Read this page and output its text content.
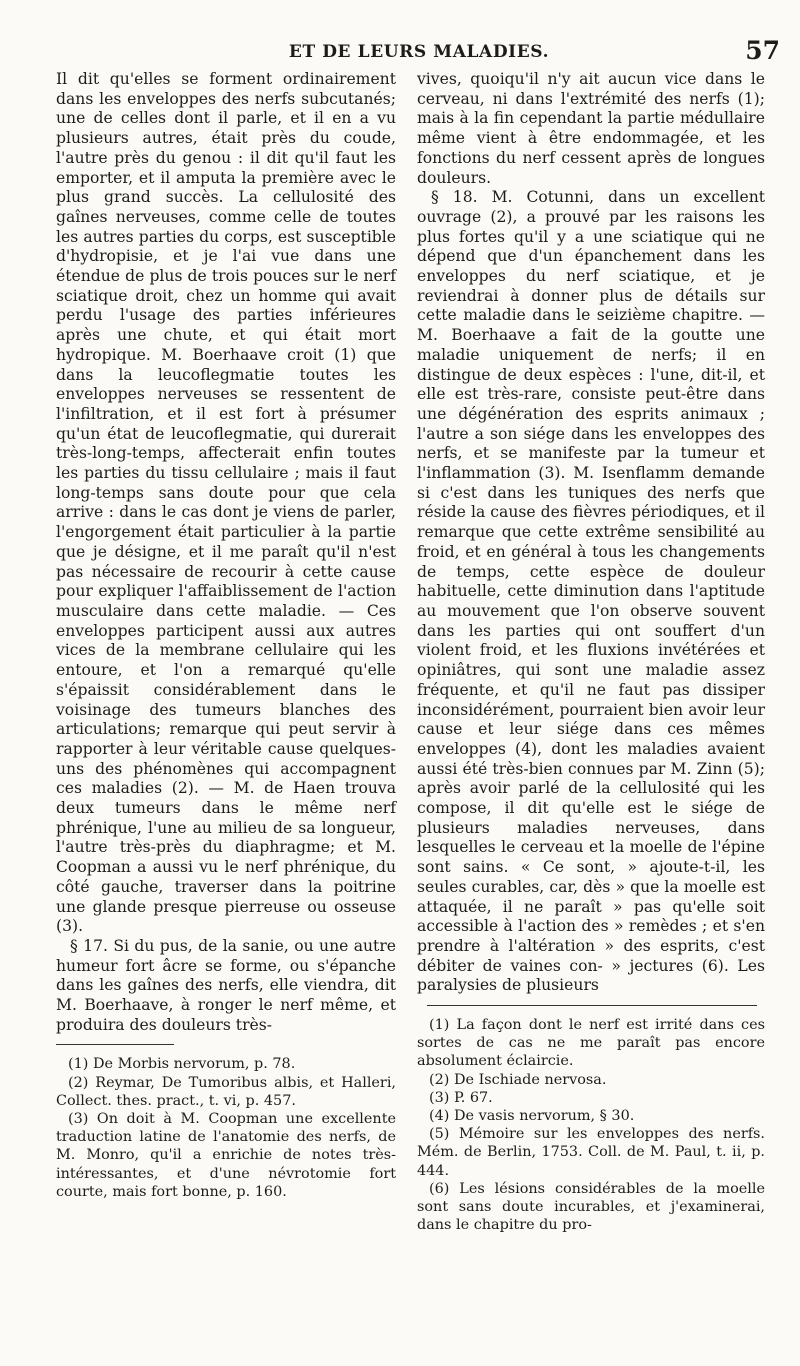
ET DE LEURS MALADIES.	57

Il dit qu'elles se forment ordinairement dans les enveloppes des nerfs subcutanés; une de celles dont il parle, et il en a vu plusieurs autres, était près du coude, l'autre près du genou : il dit qu'il faut les emporter, et il amputa la première avec le plus grand succès. La cellulosité des gaînes nerveuses, comme celle de toutes les autres parties du corps, est susceptible d'hydropisie, et je l'ai vue dans une étendue de plus de trois pouces sur le nerf sciatique droit, chez un homme qui avait perdu l'usage des parties inférieures après une chute, et qui était mort hydropique. M. Boerhaave croit (1) que dans la leucoflegmatie toutes les enveloppes nerveuses se ressentent de l'infiltration, et il est fort à présumer qu'un état de leucoflegmatie, qui durerait très-long-temps, affecterait enfin toutes les parties du tissu cellulaire ; mais il faut long-temps sans doute pour que cela arrive : dans le cas dont je viens de parler, l'engorgement était particulier à la partie que je désigne, et il me paraît qu'il n'est pas nécessaire de recourir à cette cause pour expliquer l'affaiblissement de l'action musculaire dans cette maladie. — Ces enveloppes participent aussi aux autres vices de la membrane cellulaire qui les entoure, et l'on a remarqué qu'elle s'épaissit considérablement dans le voisinage des tumeurs blanches des articulations; remarque qui peut servir à rapporter à leur véritable cause quelques-uns des phénomènes qui accompagnent ces maladies (2). — M. de Haen trouva deux tumeurs dans le même nerf phrénique, l'une au milieu de sa longueur, l'autre très-près du diaphragme; et M. Coopman a aussi vu le nerf phrénique, du côté gauche, traverser dans la poitrine une glande presque pierreuse ou osseuse (3).

§ 17. Si du pus, de la sanie, ou une autre humeur fort âcre se forme, ou s'épanche dans les gaînes des nerfs, elle viendra, dit M. Boerhaave, à ronger le nerf même, et produira des douleurs très-

(1) De Morbis nervorum, p. 78.

(2) Reymar, De Tumoribus albis, et Halleri, Collect. thes. pract., t. vi, p. 457.

(3) On doit à M. Coopman une excellente traduction latine de l'anatomie des nerfs, de M. Monro, qu'il a enrichie de notes très-intéressantes, et d'une névrotomie fort courte, mais fort bonne, p. 160.

vives, quoiqu'il n'y ait aucun vice dans le cerveau, ni dans l'extrémité des nerfs (1); mais à la fin cependant la partie médullaire même vient à être endommagée, et les fonctions du nerf cessent après de longues douleurs.

§ 18. M. Cotunni, dans un excellent ouvrage (2), a prouvé par les raisons les plus fortes qu'il y a une sciatique qui ne dépend que d'un épanchement dans les enveloppes du nerf sciatique, et je reviendrai à donner plus de détails sur cette maladie dans le seizième chapitre. — M. Boerhaave a fait de la goutte une maladie uniquement de nerfs; il en distingue de deux espèces : l'une, dit-il, et elle est très-rare, consiste peut-être dans une dégénération des esprits animaux ; l'autre a son siége dans les enveloppes des nerfs, et se manifeste par la tumeur et l'inflammation (3). M. Isenflamm demande si c'est dans les tuniques des nerfs que réside la cause des fièvres périodiques, et il remarque que cette extrême sensibilité au froid, et en général à tous les changements de temps, cette espèce de douleur habituelle, cette diminution dans l'aptitude au mouvement que l'on observe souvent dans les parties qui ont souffert d'un violent froid, et les fluxions invétérées et opiniâtres, qui sont une maladie assez fréquente, et qu'il ne faut pas dissiper inconsidérément, pourraient bien avoir leur cause et leur siége dans ces mêmes enveloppes (4), dont les maladies avaient aussi été très-bien connues par M. Zinn (5); après avoir parlé de la cellulosité qui les compose, il dit qu'elle est le siége de plusieurs maladies nerveuses, dans lesquelles le cerveau et la moelle de l'épine sont sains. « Ce sont, » ajoute-t-il, les seules curables, car, dès » que la moelle est attaquée, il ne paraît » pas qu'elle soit accessible à l'action des » remèdes ; et s'en prendre à l'altération » des esprits, c'est débiter de vaines con- » jectures (6). Les paralysies de plusieurs

(1) La façon dont le nerf est irrité dans ces sortes de cas ne me paraît pas encore absolument éclaircie.

(2) De Ischiade nervosa.

(3) P. 67.

(4) De vasis nervorum, § 30.

(5) Mémoire sur les enveloppes des nerfs. Mém. de Berlin, 1753. Coll. de M. Paul, t. ii, p. 444.

(6) Les lésions considérables de la moelle sont sans doute incurables, et j'examinerai, dans le chapitre du pro-
